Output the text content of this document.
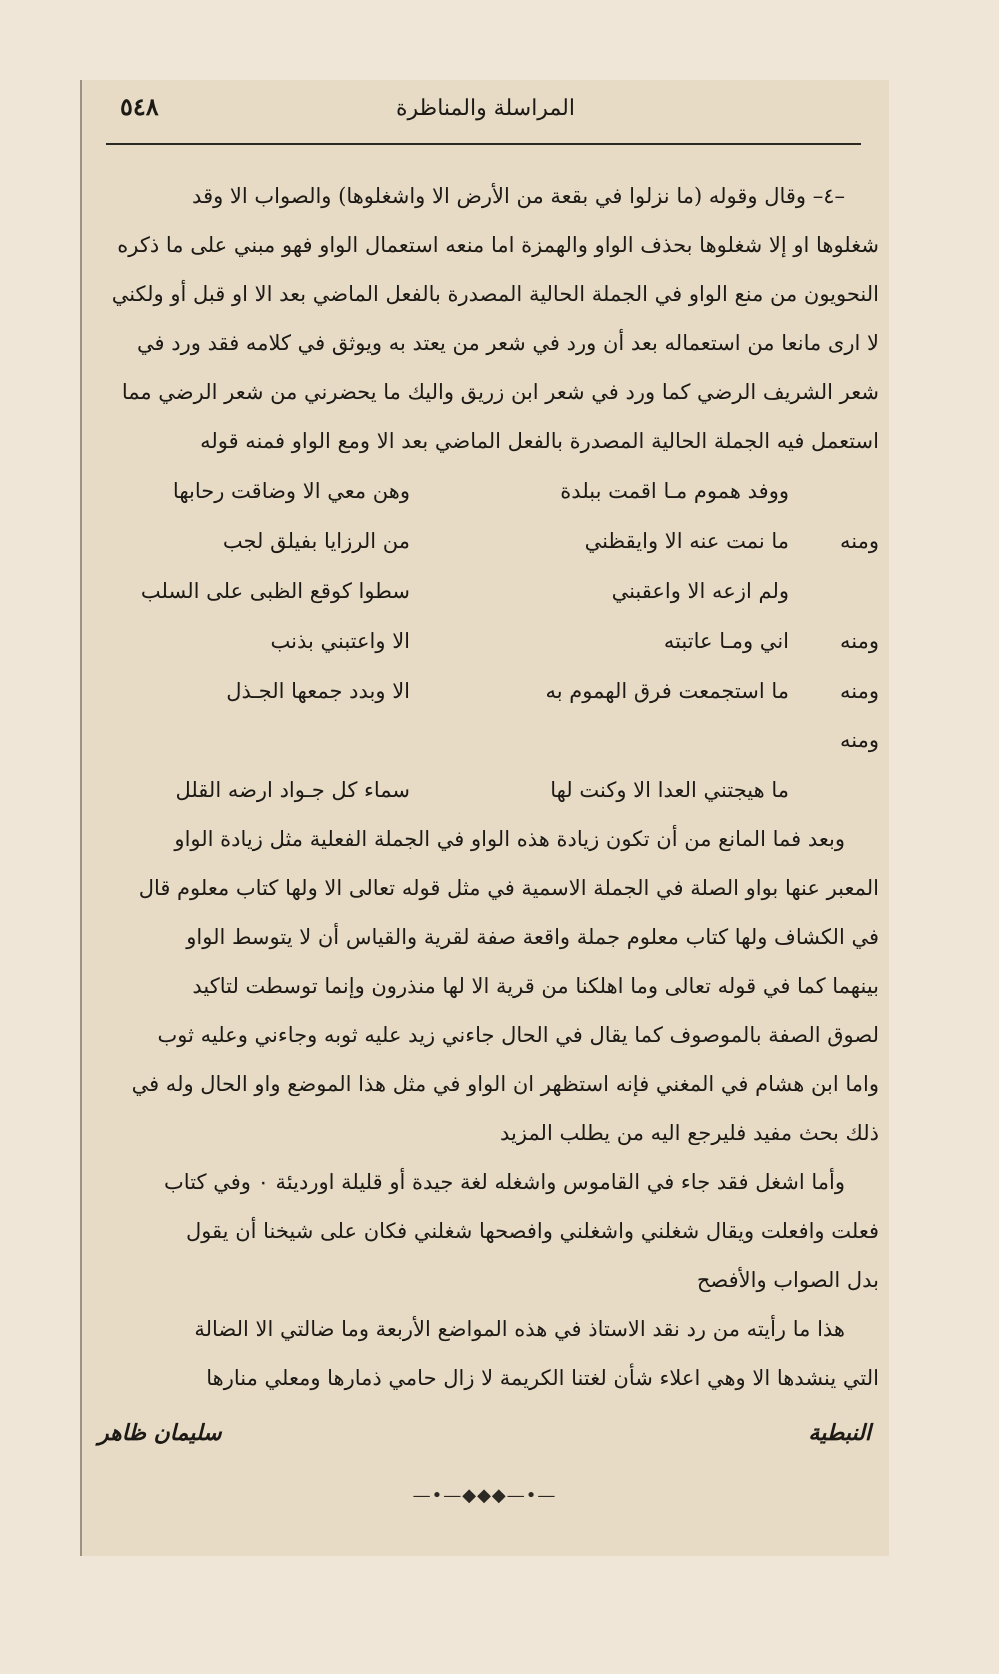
المراسلة والمناظرة
٥٤٨
–٤– وقال وقوله (ما نزلوا في بقعة من الأرض الا واشغلوها) والصواب الا وقد
شغلوها او إلا شغلوها بحذف الواو والهمزة اما منعه استعمال الواو فهو مبني على ما ذكره
النحويون من منع الواو في الجملة الحالية المصدرة بالفعل الماضي بعد الا او قبل أو ولكني
لا ارى مانعا من استعماله بعد أن ورد في شعر من يعتد به ويوثق في كلامه فقد ورد في
شعر الشريف الرضي كما ورد في شعر ابن زريق واليك ما يحضرني من شعر الرضي مما
استعمل فيه الجملة الحالية المصدرة بالفعل الماضي بعد الا ومع الواو فمنه قوله
ووفد هموم مـا اقمت ببلدة
وهن معي الا وضاقت رحابها
ومنه
ما نمت عنه الا وايقظني
من الرزايا بفيلق لجب
ولم ازعه الا واعقبني
سطوا كوقع الظبى على السلب
ومنه
اني ومـا عاتبته
الا واعتبني بذنب
ومنه
ما استجمعت فرق الهموم به
الا وبدد جمعها الجـذل
ومنه
ما هيجتني العدا الا وكنت لها
سماء كل جـواد ارضه القلل
وبعد فما المانع من أن تكون زيادة هذه الواو في الجملة الفعلية مثل زيادة الواو
المعبر عنها بواو الصلة في الجملة الاسمية في مثل قوله تعالى الا ولها كتاب معلوم قال
في الكشاف ولها كتاب معلوم جملة واقعة صفة لقرية والقياس أن لا يتوسط الواو
بينهما كما في قوله تعالى وما اهلكنا من قرية الا لها منذرون وإنما توسطت لتاكيد
لصوق الصفة بالموصوف كما يقال في الحال جاءني زيد عليه ثوبه وجاءني وعليه ثوب
واما ابن هشام في المغني فإنه استظهر ان الواو في مثل هذا الموضع واو الحال وله في
ذلك بحث مفيد فليرجع اليه من يطلب المزيد
وأما اشغل فقد جاء في القاموس واشغله لغة جيدة أو قليلة اورديئة ٠ وفي كتاب
فعلت وافعلت ويقال شغلني واشغلني وافصحها شغلني فكان على شيخنا أن يقول
بدل الصواب والأفصح
هذا ما رأيته من رد نقد الاستاذ في هذه المواضع الأربعة وما ضالتي الا الضالة
التي ينشدها الا وهي اعلاء شأن لغتنا الكريمة لا زال حامي ذمارها ومعلي منارها
النبطية
سليمان ظاهر
—•—◆◆◆—•—
